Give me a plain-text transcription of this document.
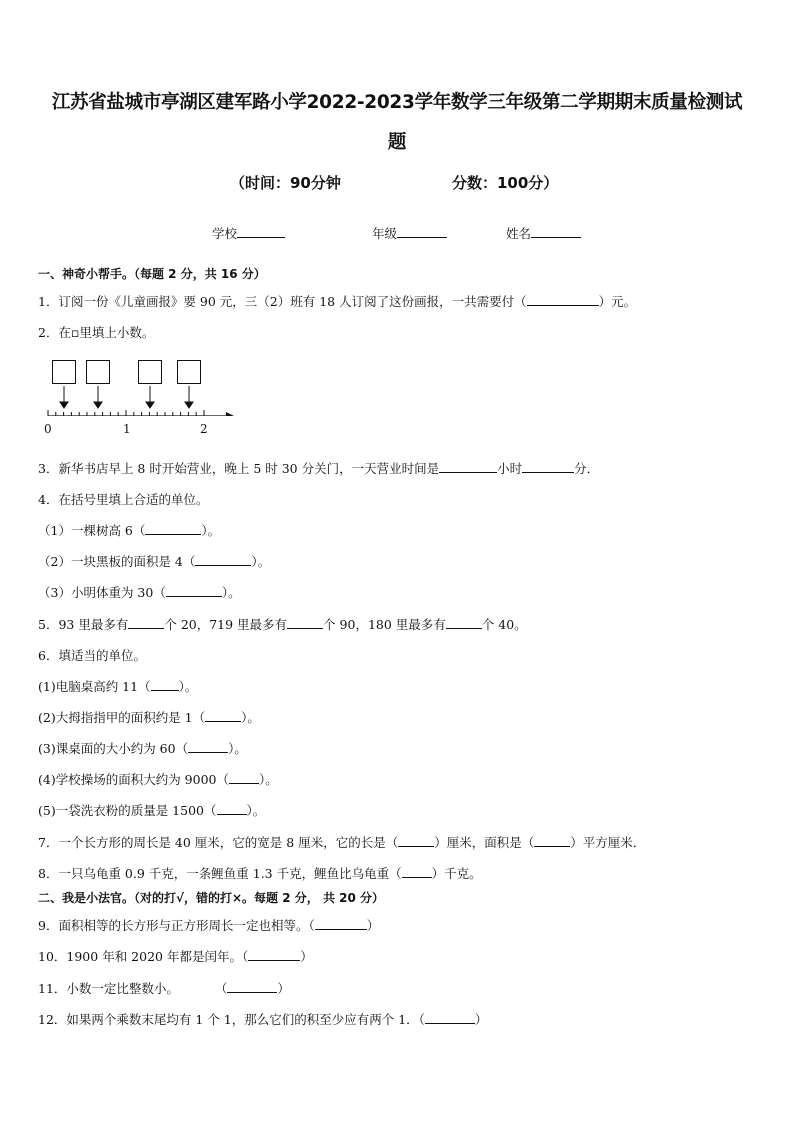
江苏省盐城市亭湖区建军路小学2022-2023学年数学三年级第二学期期末质量检测试
题
（时间：90分钟	分数：100分）
学校	年级	姓名
一、神奇小帮手。（每题 2 分，共 16 分）
1．订阅一份《儿童画报》要 90 元，三（2）班有 18 人订阅了这份画报，一共需要付（	）元。
2．在▫里填上小数。
0	1	2
3．新华书店早上 8 时开始营业，晚上 5 时 30 分关门，一天营业时间是	小时	分．
4．在括号里填上合适的单位。
（1）一棵树高 6（	）。
（2）一块黑板的面积是 4（	）。
（3）小明体重为 30（	）。
5．93 里最多有	个 20，719 里最多有	个 90，180 里最多有	个 40。
6．填适当的单位。
(1)电脑桌高约 11（ ）。
(2)大拇指指甲的面积约是 1（	）。
(3)课桌面的大小约为 60（	）。
(4)学校操场的面积大约为 9000（ ）。
(5)一袋洗衣粉的质量是 1500（ ）。
7．一个长方形的周长是 40 厘米，它的宽是 8 厘米，它的长是（	）厘米，面积是（	）平方厘米．
8．一只乌龟重 0.9 千克，一条鲤鱼重 1.3 千克，鲤鱼比乌龟重（ ）千克。
二、我是小法官。（对的打√，错的打×。每题 2 分， 共 20 分）
9．面积相等的长方形与正方形周长一定也相等。（	）
10．1900 年和 2020 年都是闰年。（	）
11．小数一定比整数小。	（	）
12．如果两个乘数末尾均有 1 个 1，那么它们的积至少应有两个 1．（	）
